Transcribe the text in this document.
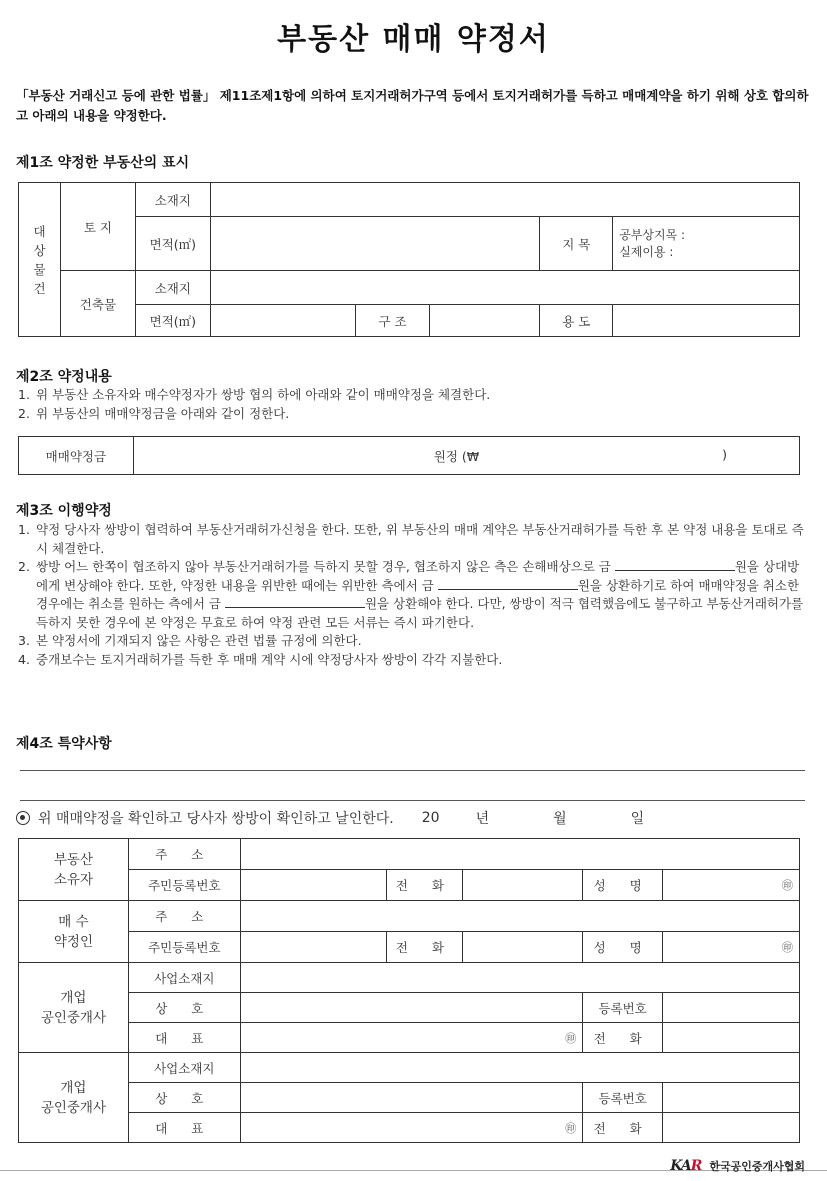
부동산 매매 약정서
「부동산 거래신고 등에 관한 법률」 제11조제1항에 의하여 토지거래허가구역 등에서 토지거래허가를 득하고 매매계약을 하기 위해 상호 합의하고 아래의 내용을 약정한다.
제1조 약정한 부동산의 표시
대상물건	토 지	소재지					
		면적(㎡)				지 목	공부상지목 :
실제이용 :

	건축물	소재지					
		면적(㎡)		구 조		용 도	
제2조 약정내용
1. 위 부동산 소유자와 매수약정자가 쌍방 협의 하에 아래와 같이 매매약정을 체결한다.
2. 위 부동산의 매매약정금을 아래와 같이 정한다.
매매약정금	원정 (₩	)
제3조 이행약정
1. 약정 당사자 쌍방이 협력하여 부동산거래허가신청을 한다. 또한, 위 부동산의 매매 계약은 부동산거래허가를 득한 후 본 약정 내용을 토대로 즉시 체결한다.
2. 쌍방 어느 한쪽이 협조하지 않아 부동산거래허가를 득하지 못할 경우, 협조하지 않은 측은 손해배상으로 금	원을 상대방에게 변상해야 한다. 또한, 약정한 내용을 위반한 때에는 위반한 측에서 금	원을 상환하기로 하여 매매약정을 취소한 경우에는 취소를 원하는 측에서 금	원을 상환해야 한다. 다만, 쌍방이 적극 협력했음에도 불구하고 부동산거래허가를 득하지 못한 경우에 본 약정은 무효로 하여 약정 관련 모든 서류는 즉시 파기한다.
3. 본 약정서에 기재되지 않은 사항은 관련 법률 규정에 의한다.
4. 중개보수는 토지거래허가를 득한 후 매매 계약 시에 약정당사자 쌍방이 각각 지불한다.
제4조 특약사항
위 매매약정을 확인하고 당사자 쌍방이 확인하고 날인한다. 20	년	월	일
부동산
소유자	주 소					
	주민등록번호		전 화		성 명	㊞

매 수
약정인	주 소					
	주민등록번호		전 화		성 명	㊞

개업
공인중개사	사업소재지					
	상 호				등록번호	
	대 표	㊞			전 화	

개업
공인중개사	사업소재지					
	상 호				등록번호	
	대 표	㊞			전 화	
KAR 한국공인중개사협회
